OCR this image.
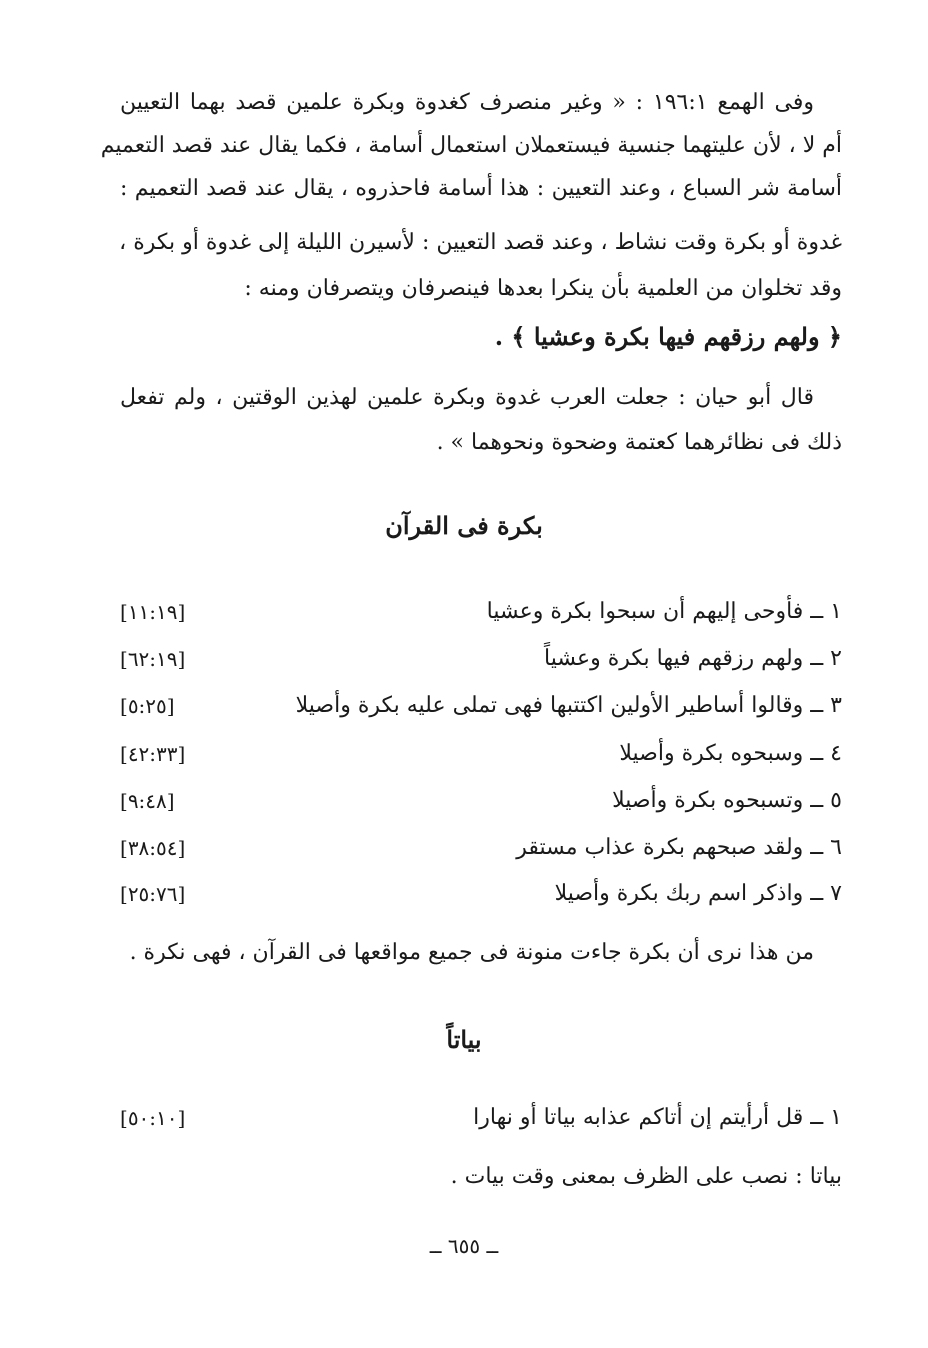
وفى الهمع ١٩٦:١ : « وغير منصرف كغدوة وبكرة علمين قصد بهما التعيين
أم لا ، لأن عليتهما جنسية فيستعملان استعمال أسامة ، فكما يقال عند قصد التعميم
أسامة شر السباع ، وعند التعيين : هذا أسامة فاحذروه ، يقال عند قصد التعميم :
غدوة أو بكرة وقت نشاط ، وعند قصد التعيين : لأسيرن الليلة إلى غدوة أو بكرة ،
وقد تخلوان من العلمية بأن ينكرا بعدها فينصرفان ويتصرفان ومنه :
﴿ ولهم رزقهم فيها بكرة وعشيا ﴾ .
قال أبو حيان : جعلت العرب غدوة وبكرة علمين لهذين الوقتين ، ولم تفعل
ذلك فى نظائرهما كعتمة وضحوة ونحوهما » .
بكرة فى القرآن
١ ــ فأوحى إليهم أن سبحوا بكرة وعشيا
[١١:١٩]
٢ ــ ولهم رزقهم فيها بكرة وعشياً
[٦٢:١٩]
٣ ــ وقالوا أساطير الأولين اكتتبها فهى تملى عليه بكرة وأصيلا
[٥:٢٥]
٤ ــ وسبحوه بكرة وأصيلا
[٤٢:٣٣]
٥ ــ وتسبحوه بكرة وأصيلا
[٩:٤٨]
٦ ــ ولقد صبحهم بكرة عذاب مستقر
[٣٨:٥٤]
٧ ــ واذكر اسم ربك بكرة وأصيلا
[٢٥:٧٦]
من هذا نرى أن بكرة جاءت منونة فى جميع مواقعها فى القرآن ، فهى نكرة .
بياتاً
١ ــ قل أرأيتم إن أتاكم عذابه بياتا أو نهارا
[٥٠:١٠]
بياتا : نصب على الظرف بمعنى وقت بيات .
ــ ٦٥٥ ــ
